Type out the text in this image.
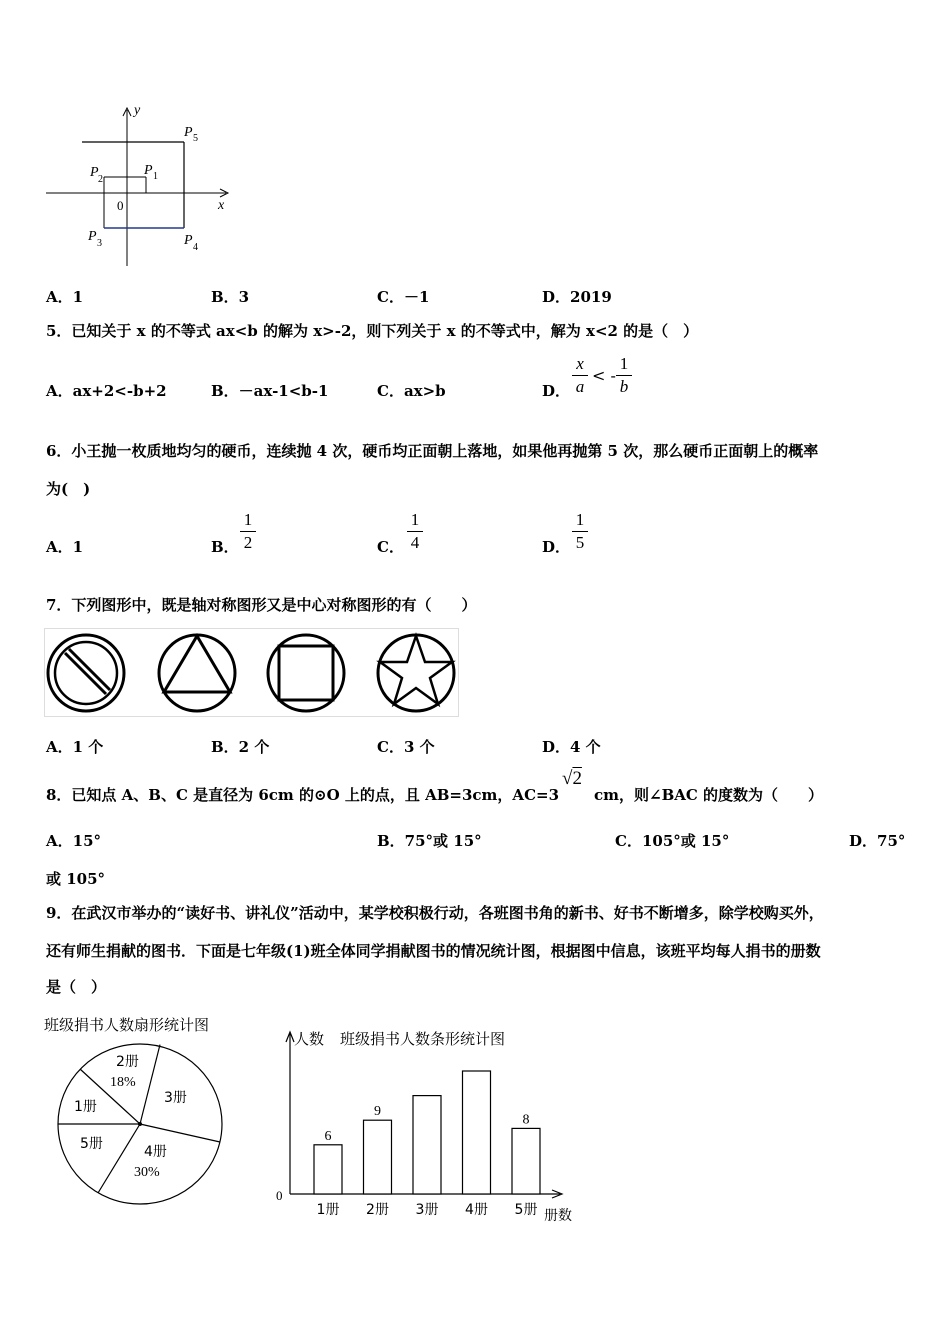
y
x
0
P 5
P 1
P 2
P 3	P 4
A．1	B．3	C．－1	D．2019
5．已知关于 x 的不等式 ax<b 的解为 x>-2，则下列关于 x 的不等式中，解为 x<2 的是（　）
A．ax+2<-b+2	B．－ax-1<b-1	C．ax>b	D．
x
a
< -
1
b
6．小王抛一枚质地均匀的硬币，连续抛 4 次，硬币均正面朝上落地，如果他再抛第 5 次，那么硬币正面朝上的概率
为(　)
A．1	B．
1
2	C．
1
4	D．
1
5
7．下列图形中，既是轴对称图形又是中心对称图形的有（　　）
A．1 个	B．2 个	C．3 个	D．4 个
8．已知点 A、B、C 是直径为 6cm 的⊙O 上的点，且 AB=3cm，AC=3
√2
cm，则∠BAC 的度数为（　　）
A．15°	B．75°或 15°	C．105°或 15°	D．75°
或 105°
9．在武汉市举办的“读好书、讲礼仪”活动中，某学校积极行动，各班图书角的新书、好书不断增多，除学校购买外，
还有师生捐献的图书．下面是七年级(1)班全体同学捐献图书的情况统计图，根据图中信息，该班平均每人捐书的册数
是（　）
班级捐书人数扇形统计图
2册
18%
3册
1册
5册	4册
30%
人数 班级捐书人数条形统计图
0
册数
6
1册
9
2册 3册 4册
8
5册
